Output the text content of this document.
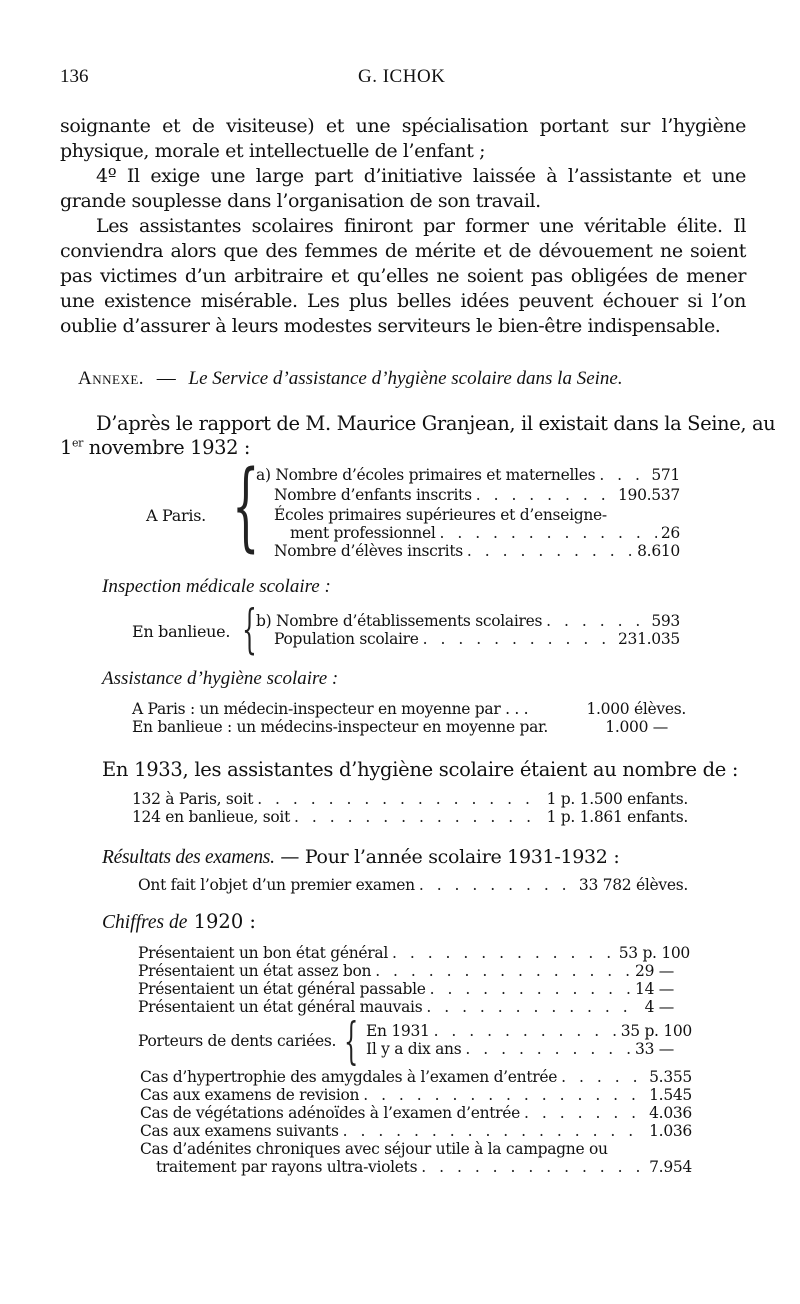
136	G. ICHOK

soignante et de visiteuse) et une spécialisation portant sur l’hygiène physique, morale et intellectuelle de l’enfant ;

4º Il exige une large part d’initiative laissée à l’assistante et une grande souplesse dans l’organisation de son travail.

Les assistantes scolaires finiront par former une véritable élite. Il conviendra alors que des femmes de mérite et de dévouement ne soient pas victimes d’un arbitraire et qu’elles ne soient pas obligées de mener une existence misérable. Les plus belles idées peuvent échouer si l’on oublie d’assurer à leurs modestes serviteurs le bien-être indispensable.

Annexe. — Le Service d’assistance d’hygiène scolaire dans la Seine.
D’après le rapport de M. Maurice Granjean, il existait dans la Seine, au
1er novembre 1932 :
A Paris. {
a) Nombre d’écoles primaires et maternelles . . .	571
Nombre d’enfants inscrits . . .	190.537
Écoles primaires supérieures et d’enseigne-
ment professionnel . . .	26
Nombre d’élèves inscrits . . .	8.610
Inspection médicale scolaire :
En banlieue. { b) Nombre d’établissements scolaires . . .	593
Population scolaire . . .	231.035
Assistance d’hygiène scolaire :
A Paris : un médecin-inspecteur en moyenne par . . .	1.000 élèves.
En banlieue : un médecins-inspecteur en moyenne par.	1.000 —
En 1933, les assistantes d’hygiène scolaire étaient au nombre de :
132 à Paris, soit . . .	1 p. 1.500 enfants.
124 en banlieue, soit . . .	1 p. 1.861 enfants.
Résultats des examens. — Pour l’année scolaire 1931-1932 :
Ont fait l’objet d’un premier examen . . .	33 782 élèves.
Chiffres de 1920 :
Présentaient un bon état général . . .	53 p. 100
Présentaient un état assez bon . . .	29 —
Présentaient un état général passable . . .	14 —
Présentaient un état général mauvais . . .	4 —
Porteurs de dents cariées. { En 1931 . . .	35 p. 100
Il y a dix ans . . .	33 —
Cas d’hypertrophie des amygdales à l’examen d’entrée . . .	5.355
Cas aux examens de revision . . .	1.545
Cas de végétations adénoïdes à l’examen d’entrée . . .	4.036
Cas aux examens suivants . . .	1.036
Cas d’adénites chroniques avec séjour utile à la campagne ou
traitement par rayons ultra-violets . . .	7.954
